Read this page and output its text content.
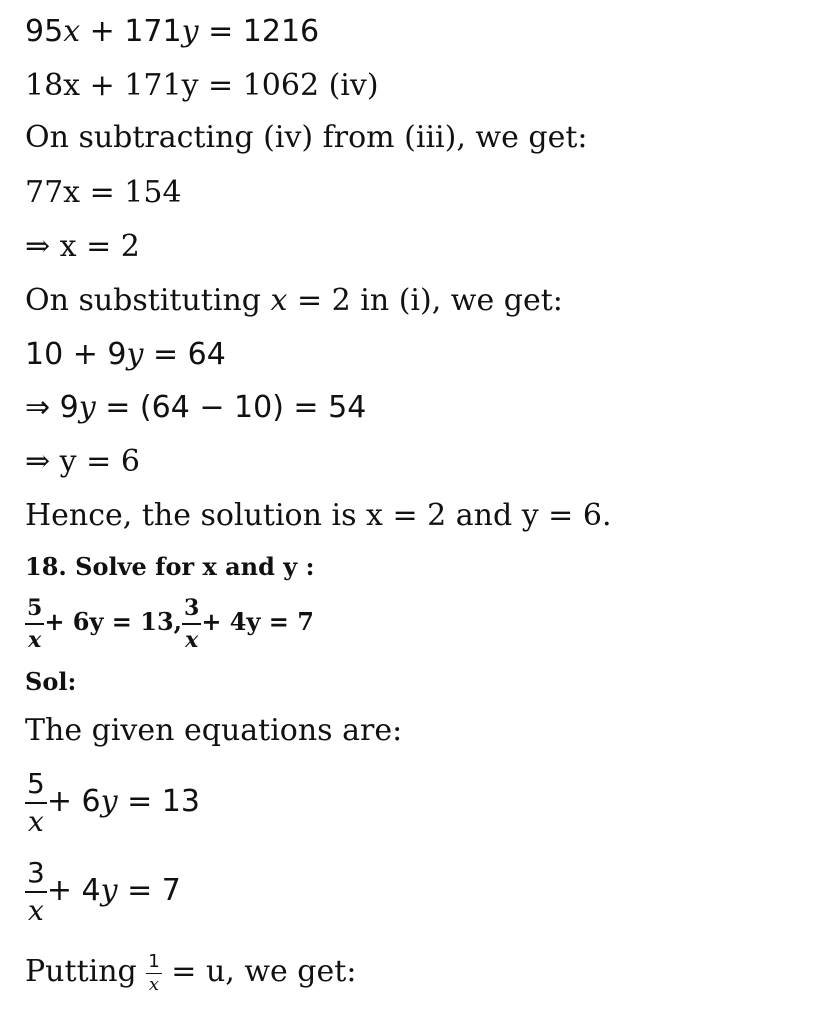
95x + 171y = 1216
18x + 171y = 1062 (iv)
On subtracting (iv) from (iii), we get:
77x = 154
⇒ x = 2
On substituting x = 2 in (i), we get:
10 + 9y = 64
⇒ 9y = (64 − 10) = 54
⇒ y = 6
Hence, the solution is x = 2 and y = 6.
18. Solve for x and y :
$\frac{5}{x} + 6y = 13$, $\frac{3}{x} + 4y = 7$
Sol:
The given equations are:
$\frac{5}{x} + 6y = 13$
$\frac{3}{x} + 4y = 7$
Putting $\frac{1}{x} = u$, we get:
